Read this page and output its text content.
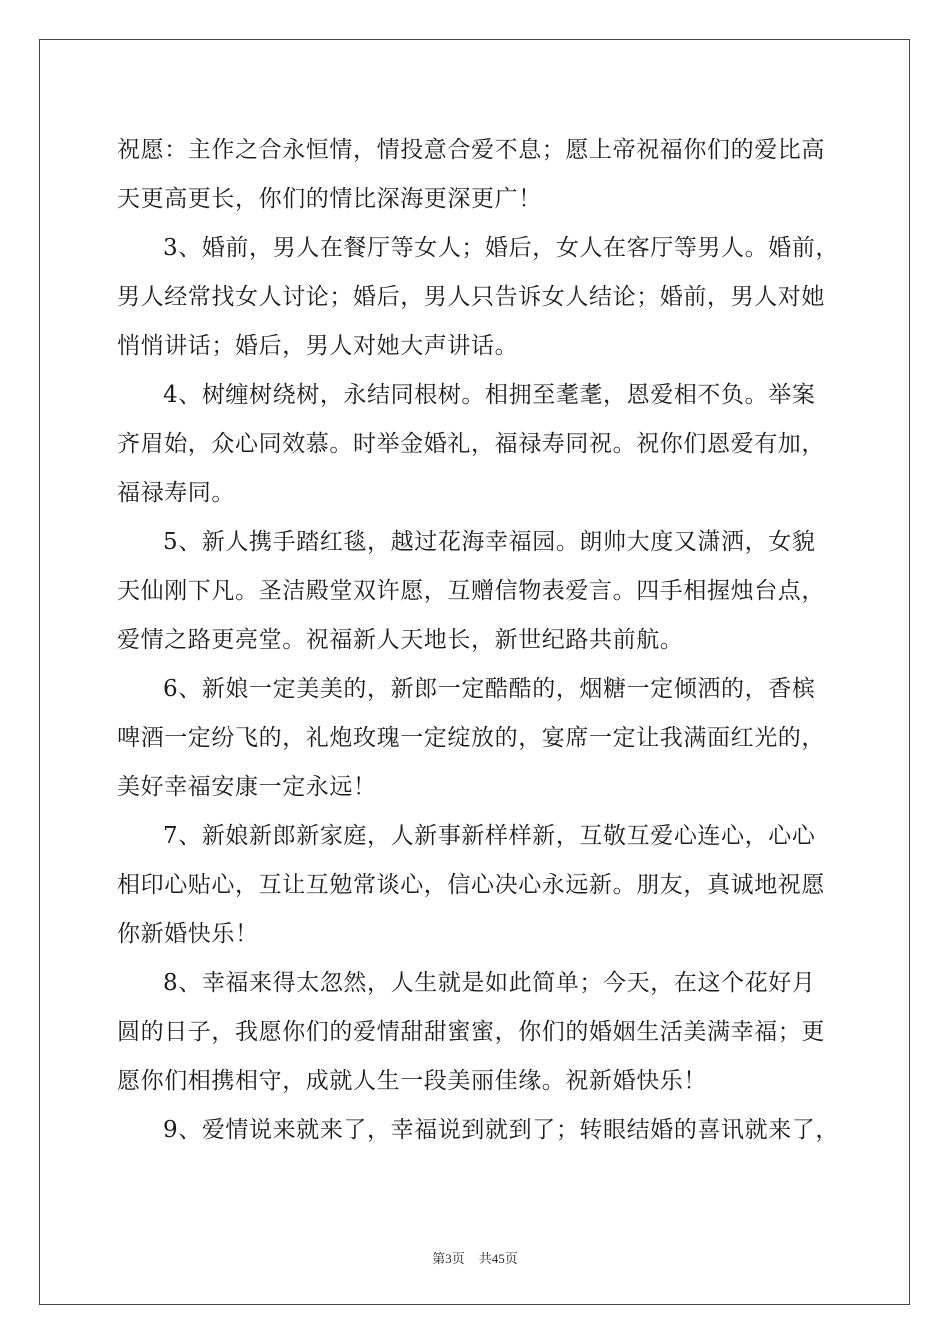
祝愿：主作之合永恒情，情投意合爱不息；愿上帝祝福你们的爱比高
天更高更长，你们的情比深海更深更广！
3、婚前，男人在餐厅等女人；婚后，女人在客厅等男人。婚前，
男人经常找女人讨论；婚后，男人只告诉女人结论；婚前，男人对她
悄悄讲话；婚后，男人对她大声讲话。
4、树缠树绕树，永结同根树。相拥至耄耄，恩爱相不负。举案
齐眉始，众心同效慕。时举金婚礼，福禄寿同祝。祝你们恩爱有加，
福禄寿同。
5、新人携手踏红毯，越过花海幸福园。朗帅大度又潇洒，女貌
天仙刚下凡。圣洁殿堂双许愿，互赠信物表爱言。四手相握烛台点，
爱情之路更亮堂。祝福新人天地长，新世纪路共前航。
6、新娘一定美美的，新郎一定酷酷的，烟糖一定倾洒的，香槟
啤酒一定纷飞的，礼炮玫瑰一定绽放的，宴席一定让我满面红光的，
美好幸福安康一定永远！
7、新娘新郎新家庭，人新事新样样新，互敬互爱心连心，心心
相印心贴心，互让互勉常谈心，信心决心永远新。朋友，真诚地祝愿
你新婚快乐！
8、幸福来得太忽然，人生就是如此简单；今天，在这个花好月
圆的日子，我愿你们的爱情甜甜蜜蜜，你们的婚姻生活美满幸福；更
愿你们相携相守，成就人生一段美丽佳缘。祝新婚快乐！
9、爱情说来就来了，幸福说到就到了；转眼结婚的喜讯就来了，
第3页 共45页
